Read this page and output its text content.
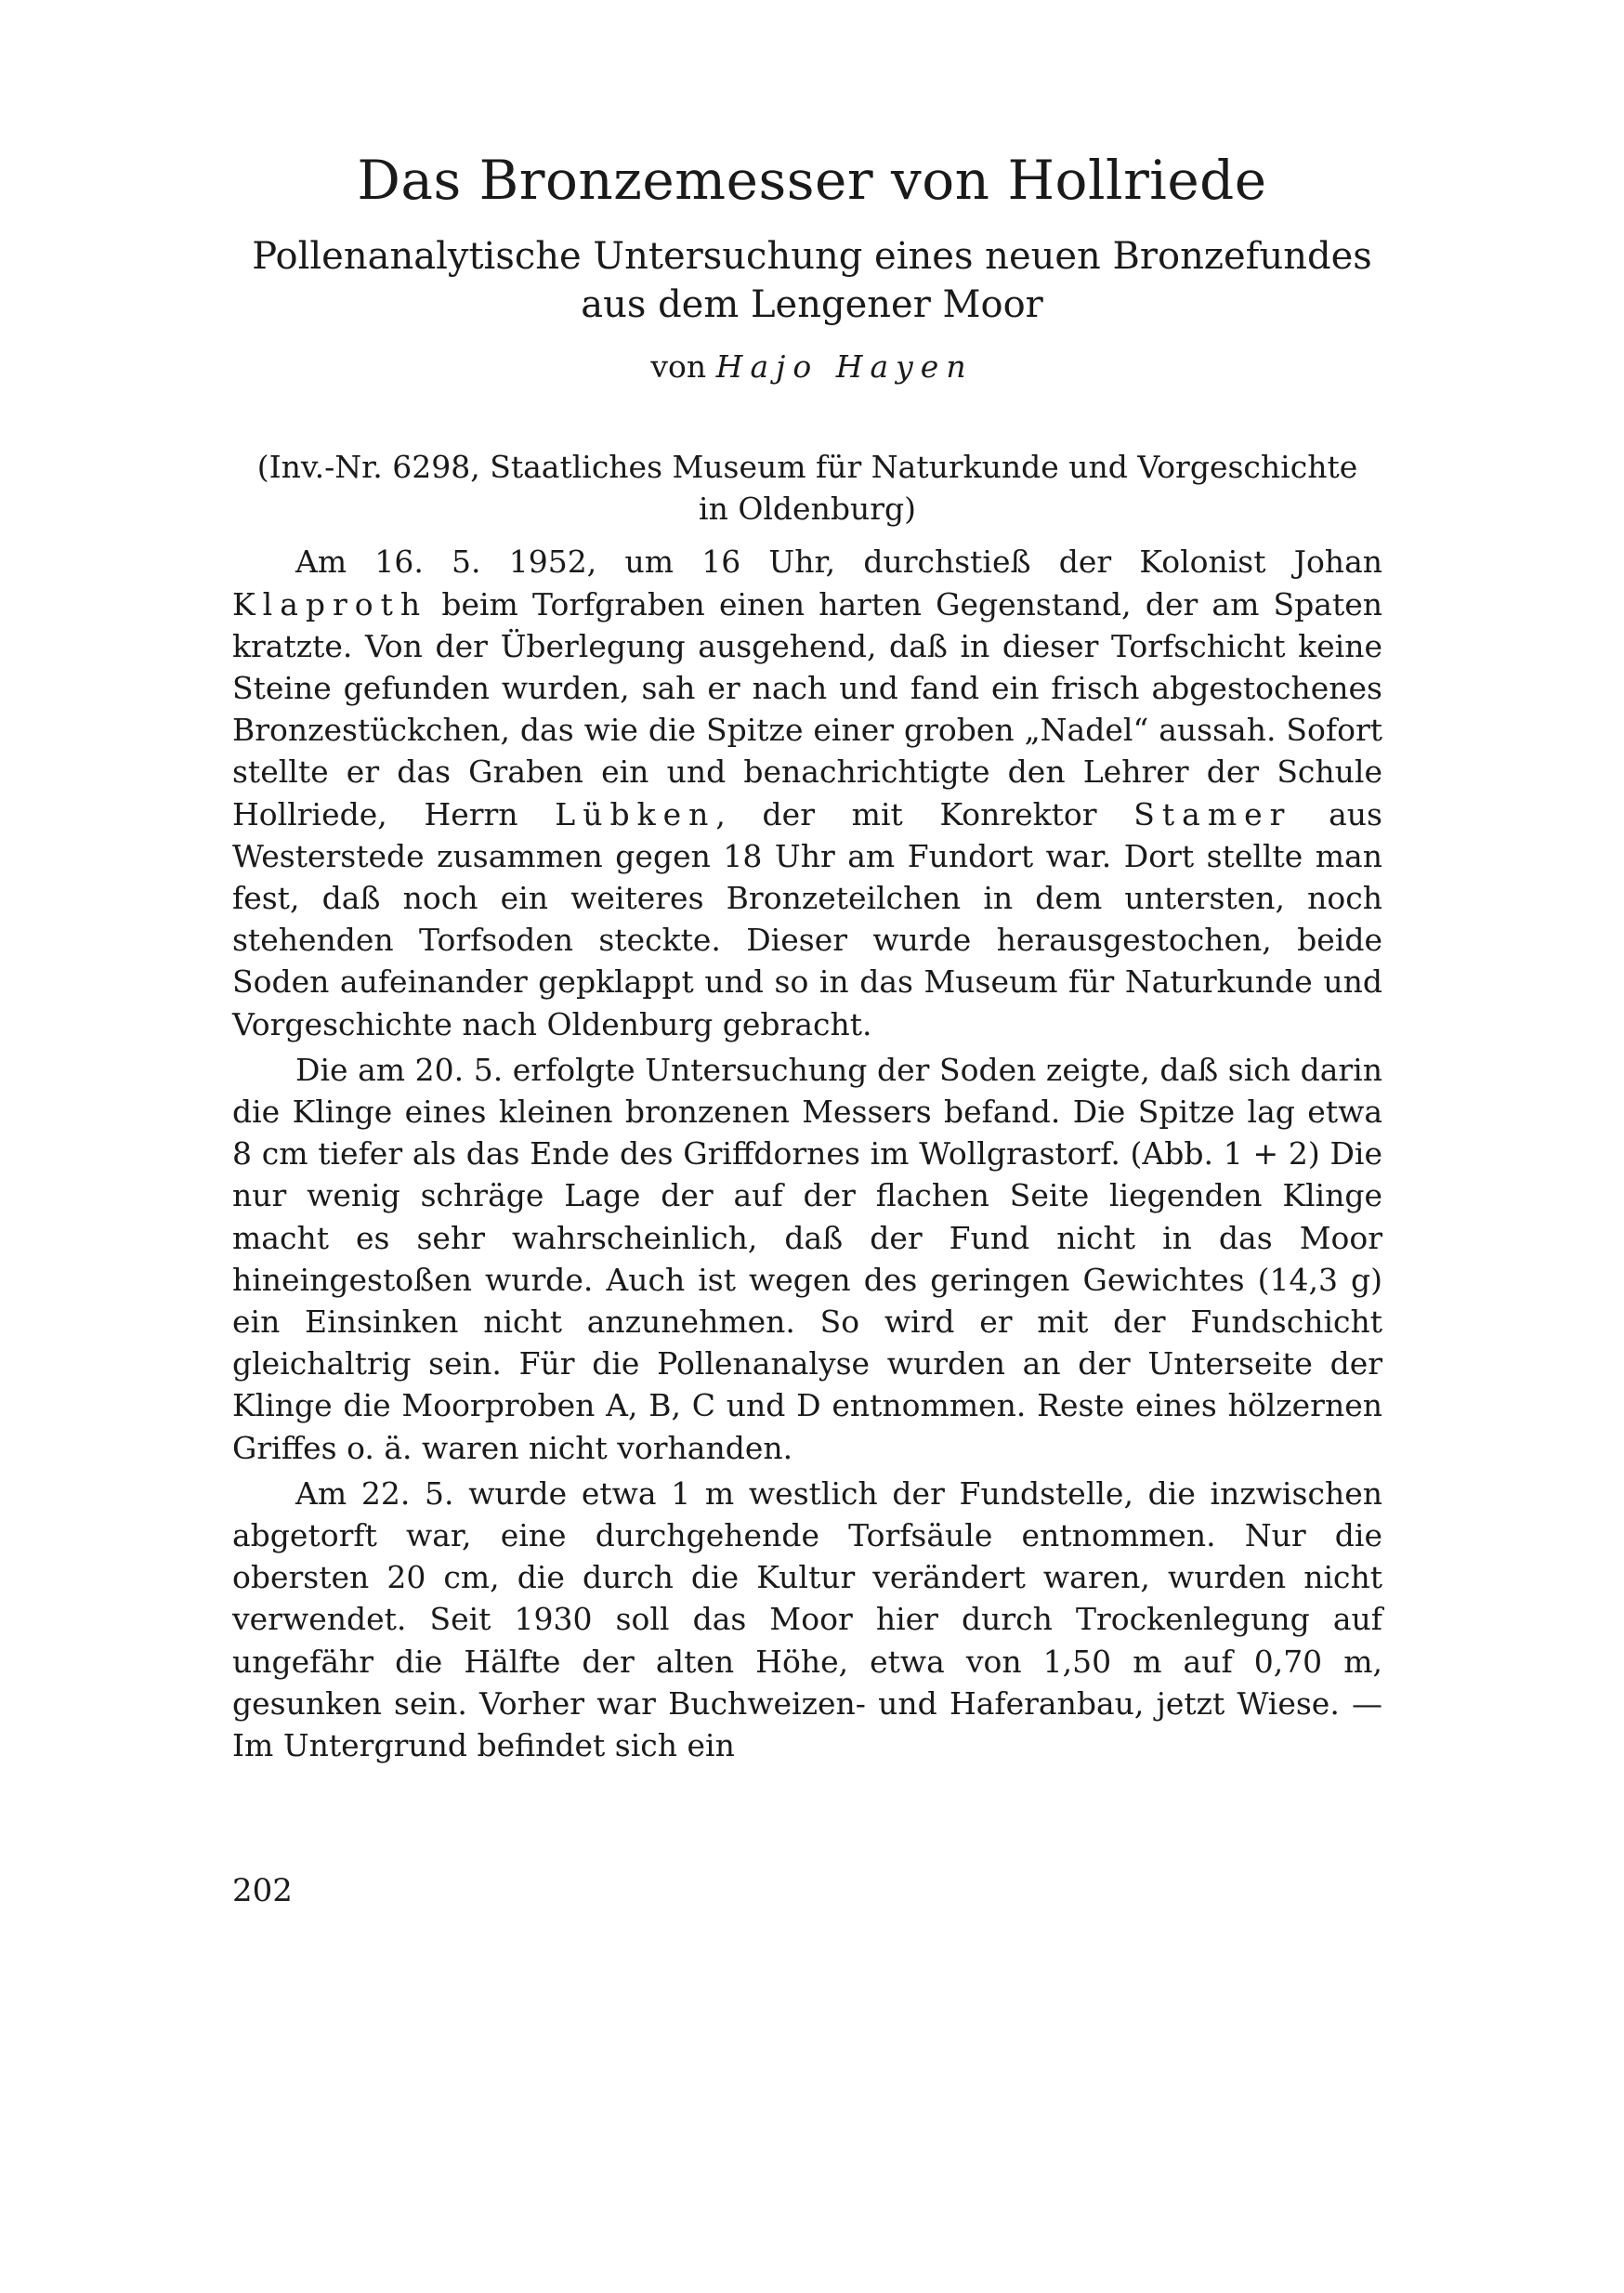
Das Bronzemesser von Hollriede

Pollenanalytische Untersuchung eines neuen Bronzefundes aus dem Lengener Moor

von Hajo Hayen

(Inv.-Nr. 6298, Staatliches Museum für Naturkunde und Vorgeschichte in Oldenburg)

Am 16. 5. 1952, um 16 Uhr, durchstieß der Kolonist Johan Klaproth beim Torfgraben einen harten Gegenstand, der am Spaten kratzte. Von der Überlegung ausgehend, daß in dieser Torfschicht keine Steine gefunden wurden, sah er nach und fand ein frisch abgestochenes Bronzestückchen, das wie die Spitze einer groben „Nadel“ aussah. Sofort stellte er das Graben ein und benachrichtigte den Lehrer der Schule Hollriede, Herrn Lübken, der mit Konrektor Stamer aus Westerstede zusammen gegen 18 Uhr am Fundort war. Dort stellte man fest, daß noch ein weiteres Bronzeteilchen in dem untersten, noch stehenden Torfsoden steckte. Dieser wurde herausgestochen, beide Soden aufeinander gepklappt und so in das Museum für Naturkunde und Vorgeschichte nach Oldenburg gebracht.

Die am 20. 5. erfolgte Untersuchung der Soden zeigte, daß sich darin die Klinge eines kleinen bronzenen Messers befand. Die Spitze lag etwa 8 cm tiefer als das Ende des Griffdornes im Wollgrastorf. (Abb. 1 + 2) Die nur wenig schräge Lage der auf der flachen Seite liegenden Klinge macht es sehr wahrscheinlich, daß der Fund nicht in das Moor hineingestoßen wurde. Auch ist wegen des geringen Gewichtes (14,3 g) ein Einsinken nicht anzunehmen. So wird er mit der Fundschicht gleichaltrig sein. Für die Pollenanalyse wurden an der Unterseite der Klinge die Moorproben A, B, C und D entnommen. Reste eines hölzernen Griffes o. ä. waren nicht vorhanden.

Am 22. 5. wurde etwa 1 m westlich der Fundstelle, die inzwischen abgetorft war, eine durchgehende Torfsäule entnommen. Nur die obersten 20 cm, die durch die Kultur verändert waren, wurden nicht verwendet. Seit 1930 soll das Moor hier durch Trockenlegung auf ungefähr die Hälfte der alten Höhe, etwa von 1,50 m auf 0,70 m, gesunken sein. Vorher war Buchweizen- und Haferanbau, jetzt Wiese. — Im Untergrund befindet sich ein

202
